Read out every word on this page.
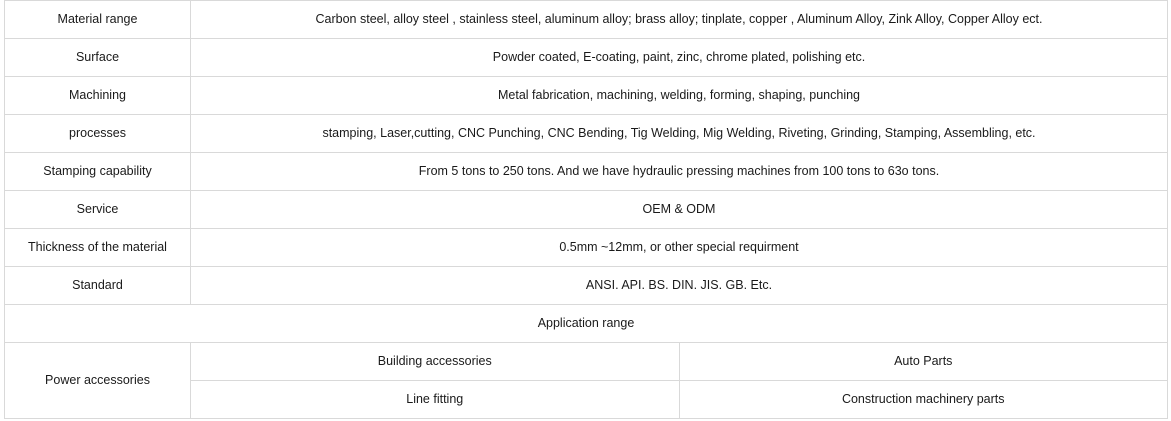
Material range	Carbon steel, alloy steel , stainless steel, aluminum alloy; brass alloy; tinplate, copper , Aluminum Alloy, Zink Alloy, Copper Alloy ect.	

Surface	Powder coated, E-coating, paint, zinc, chrome plated, polishing etc.	

Machining	Metal fabrication, machining, welding, forming, shaping, punching	

processes	stamping, Laser,cutting, CNC Punching, CNC Bending, Tig Welding, Mig Welding, Riveting, Grinding, Stamping, Assembling, etc.	

Stamping capability	From 5 tons to 250 tons. And we have hydraulic pressing machines from 100 tons to 63o tons.	

Service	OEM & ODM	

Thickness of the material	0.5mm ~12mm, or other special requirment	

Standard	ANSI. API. BS. DIN. JIS. GB. Etc.	

Application range		

Power accessories	Building accessories	Auto Parts

	Line fitting	Construction machinery parts
